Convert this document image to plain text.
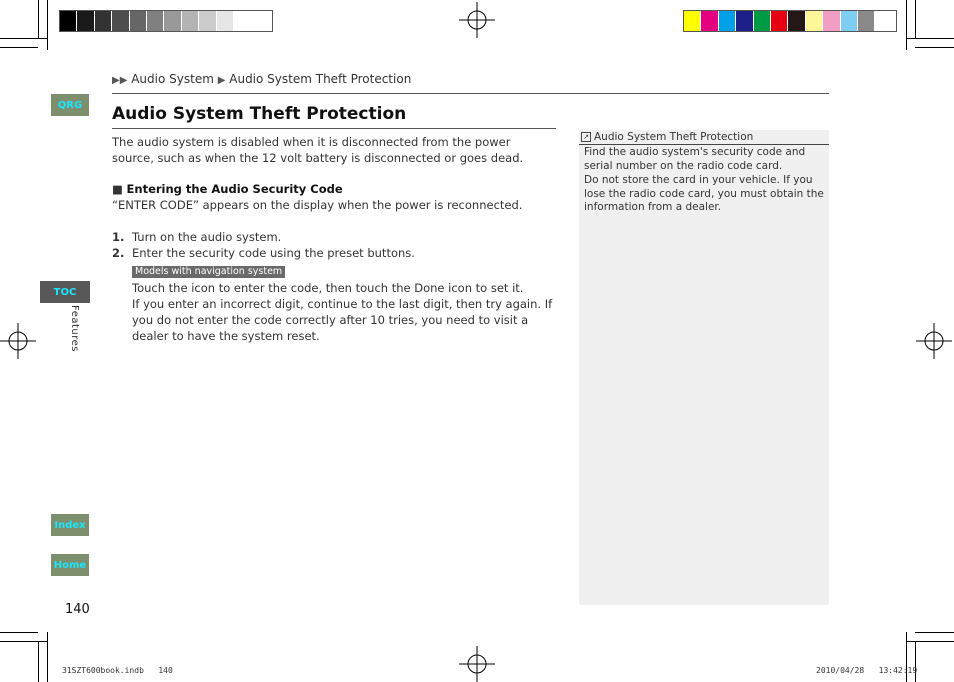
QRG
TOC
Features
Index
Home
▶▶ Audio System ▶ Audio System Theft Protection
Audio System Theft Protection
The audio system is disabled when it is disconnected from the power source, such as when the 12 volt battery is disconnected or goes dead.
■ Entering the Audio Security Code
“ENTER CODE” appears on the display when the power is reconnected.
1. Turn on the audio system.
2. Enter the security code using the preset buttons.
Models with navigation system
Touch the icon to enter the code, then touch the Done icon to set it.
If you enter an incorrect digit, continue to the last digit, then try again. If you do not enter the code correctly after 10 tries, you need to visit a dealer to have the system reset.
↗ Audio System Theft Protection
Find the audio system's security code and serial number on the radio code card.
Do not store the card in your vehicle. If you lose the radio code card, you must obtain the information from a dealer.
140
31SZT600book.indb 140	2010/04/28 13:42:19
